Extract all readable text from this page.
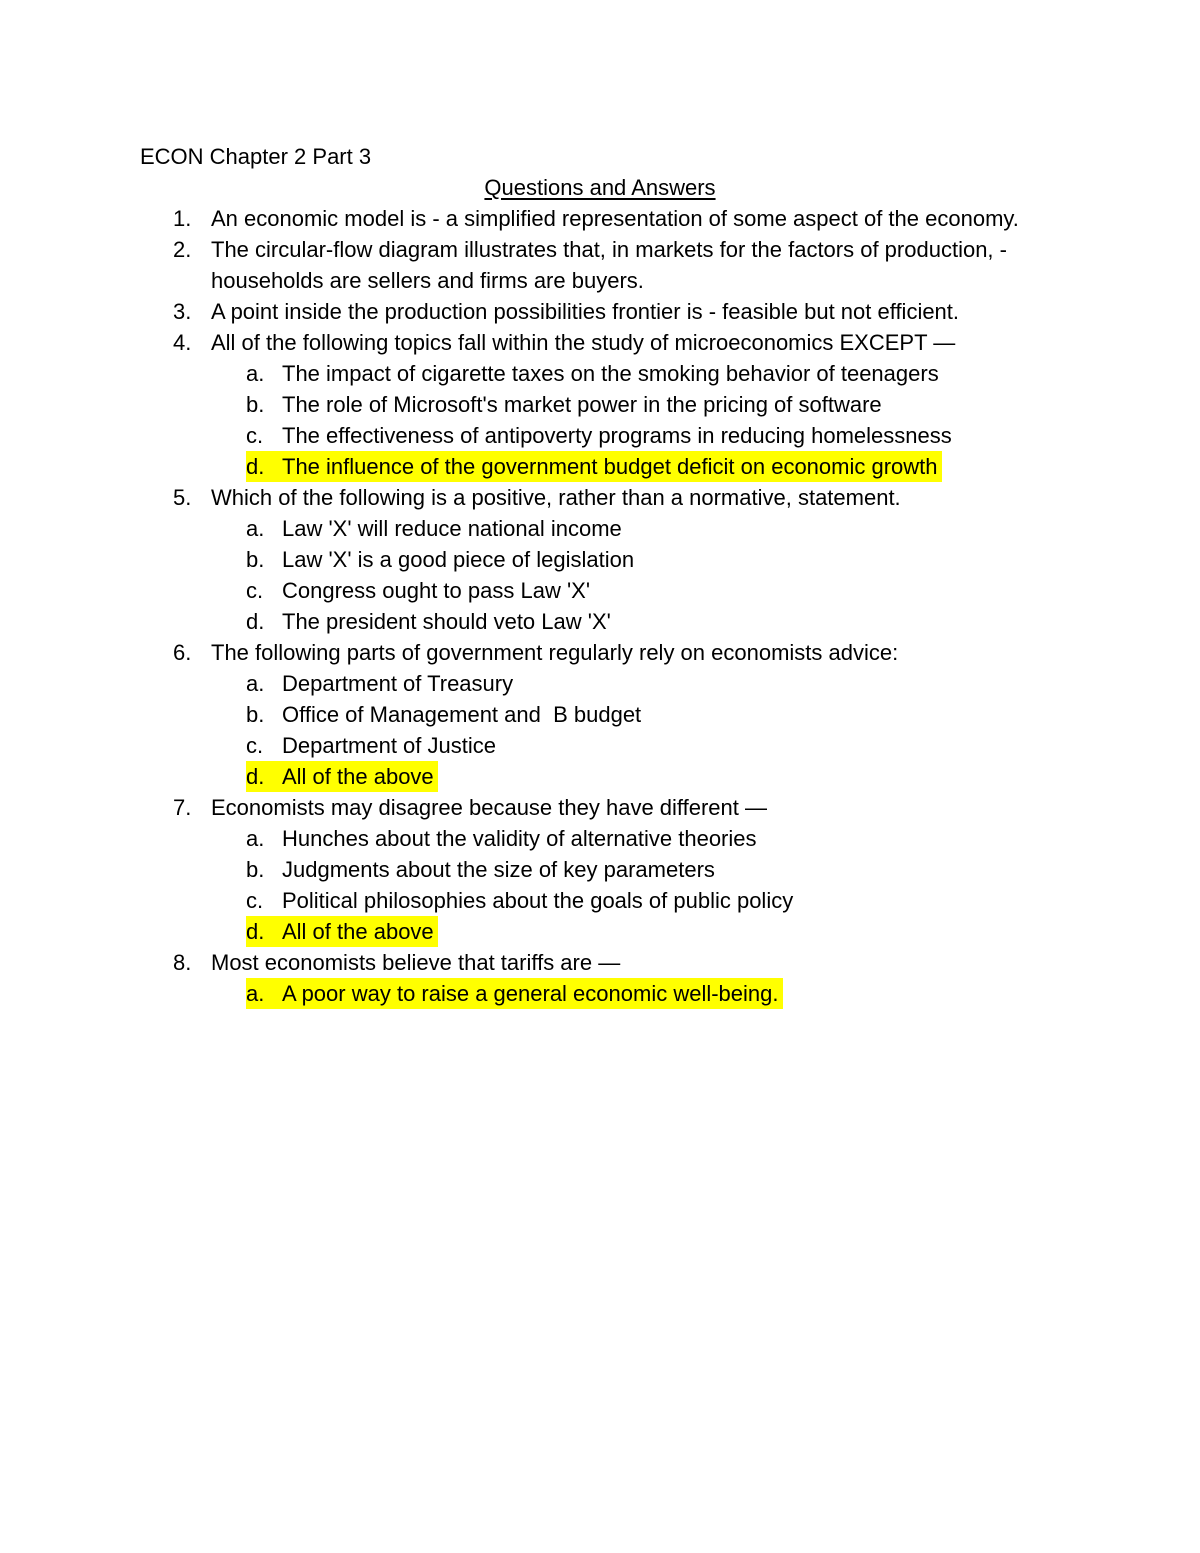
ECON Chapter 2 Part 3
Questions and Answers
1. An economic model is - a simplified representation of some aspect of the economy.
2. The circular-flow diagram illustrates that, in markets for the factors of production, - households are sellers and firms are buyers.
3. A point inside the production possibilities frontier is - feasible but not efficient.
4. All of the following topics fall within the study of microeconomics EXCEPT —
a. The impact of cigarette taxes on the smoking behavior of teenagers
b. The role of Microsoft's market power in the pricing of software
c. The effectiveness of antipoverty programs in reducing homelessness
d. The influence of the government budget deficit on economic growth
5. Which of the following is a positive, rather than a normative, statement.
a. Law 'X' will reduce national income
b. Law 'X' is a good piece of legislation
c. Congress ought to pass Law 'X'
d. The president should veto Law 'X'
6. The following parts of government regularly rely on economists advice:
a. Department of Treasury
b. Office of Management and  B budget
c. Department of Justice
d. All of the above
7. Economists may disagree because they have different —
a. Hunches about the validity of alternative theories
b. Judgments about the size of key parameters
c. Political philosophies about the goals of public policy
d. All of the above
8. Most economists believe that tariffs are —
a. A poor way to raise a general economic well-being.
